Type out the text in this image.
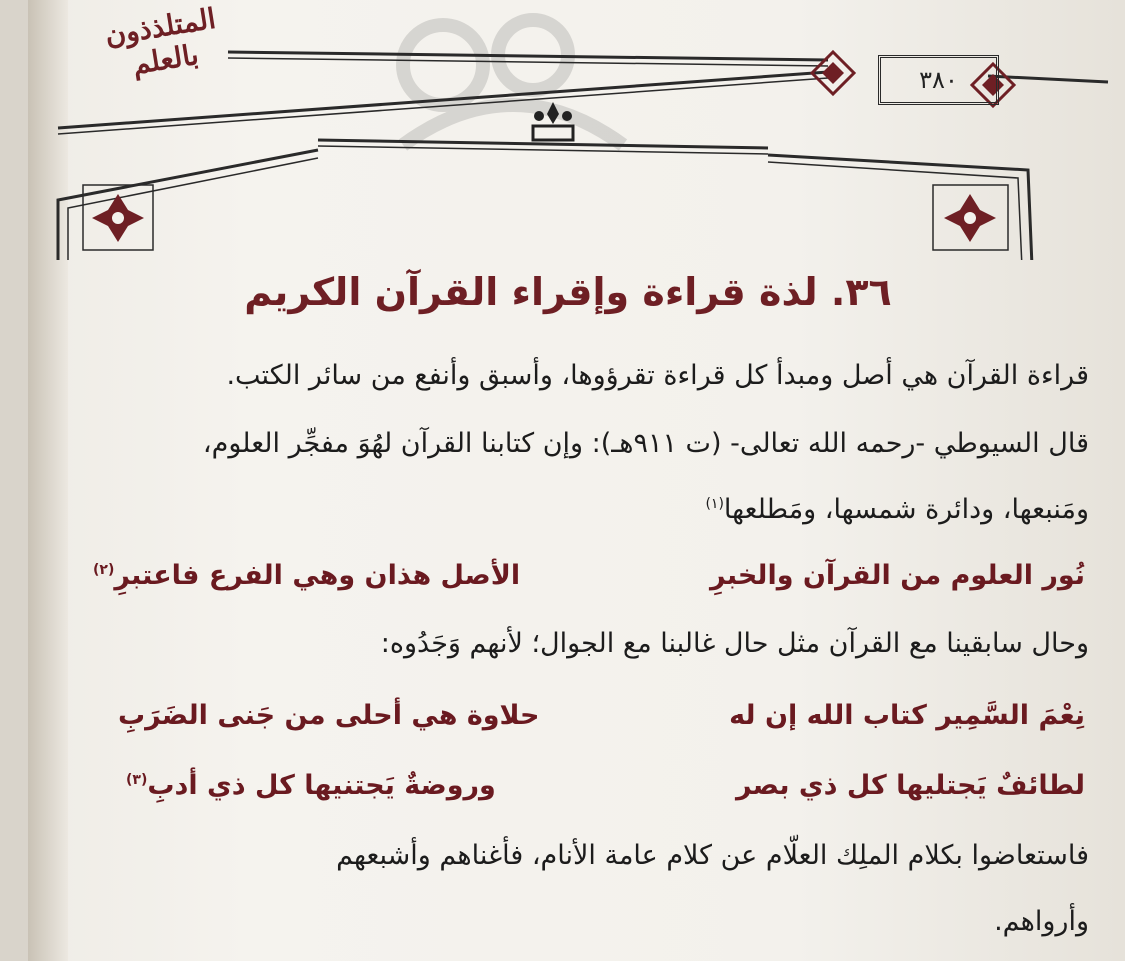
المتلذذون بالعلم	٣٨٠
٣٦. لذة قراءة وإقراء القرآن الكريم
قراءة القرآن هي أصل ومبدأ كل قراءة تقرؤوها، وأسبق وأنفع من سائر الكتب.
قال السيوطي -رحمه الله تعالى- (ت ٩١١هـ): وإن كتابنا القرآن لهُوَ مفجِّر العلوم،
ومَنبعها، ودائرة شمسها، ومَطلعها$^{(١)}$
نُور العلوم من القرآن والخبرِ
الأصل هذان وهي الفرع فاعتبرِ$^{(٢)}$
وحال سابقينا مع القرآن مثل حال غالبنا مع الجوال؛ لأنهم وَجَدُوه:
نِعْمَ السَّمِير كتاب الله إن له
حلاوة هي أحلى من جَنى الضَرَبِ
لطائفٌ يَجتليها كل ذي بصر
وروضةٌ يَجتنيها كل ذي أدبِ$^{(٣)}$
فاستعاضوا بكلام الملِك العلّام عن كلام عامة الأنام، فأغناهم وأشبعهم
وأرواهم.
